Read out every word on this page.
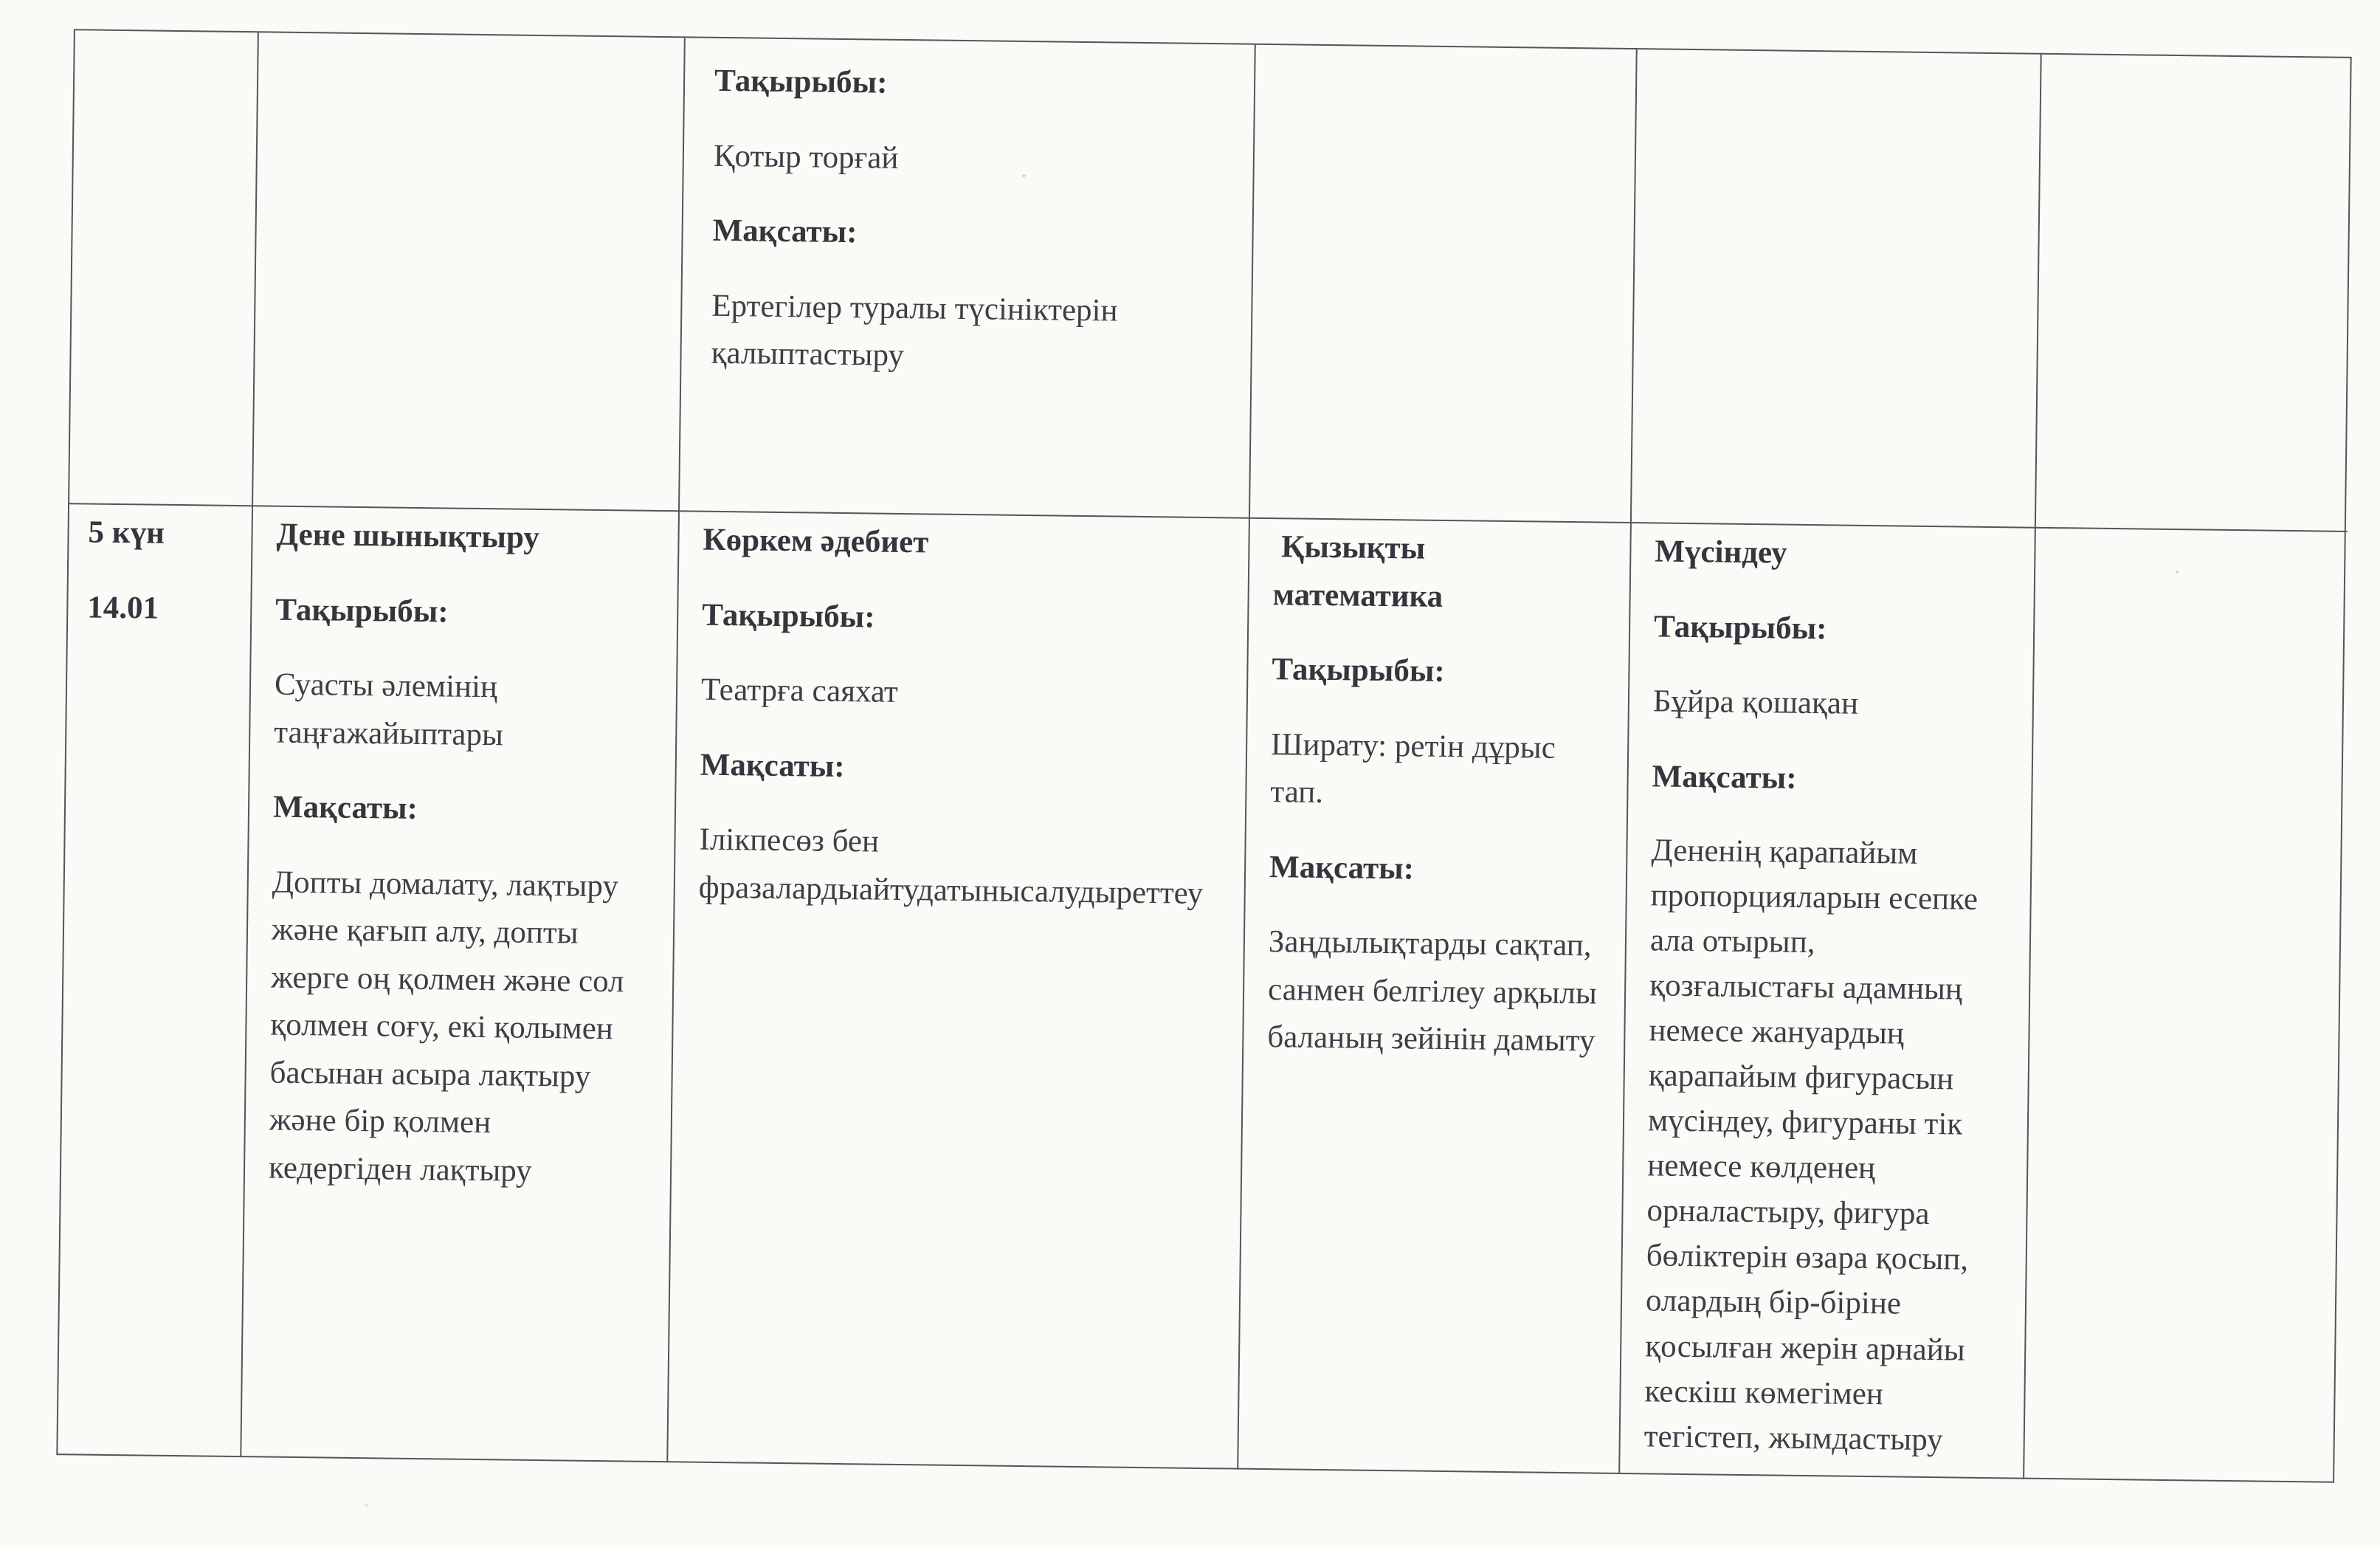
Тақырыбы:

Қотыр торғай

Мақсаты:

Ертегілер туралы түсініктерін
қалыптастыру

5 күн

14.01

Дене шынықтыру

Тақырыбы:

Суасты әлемінің
таңғажайыптары

Мақсаты:

Допты домалату, лақтыру
және қағып алу, допты
жерге оң қолмен және сол
қолмен соғу, екі қолымен
басынан асыра лақтыру
және бір қолмен
кедергіден лақтыру

Көркем әдебиет

Тақырыбы:

Театрға саяхат

Мақсаты:

Ілікпесөз бен
фразалардыайтудатынысалудыреттеу

Қызықты
математика

Тақырыбы:

Ширату: ретін дұрыс
тап.

Мақсаты:

Заңдылықтарды сақтап,
санмен белгілеу арқылы
баланың зейінін дамыту

Мүсіндеу

Тақырыбы:

Бұйра қошақан

Мақсаты:

Дененің қарапайым
пропорцияларын есепке
ала отырып,
қозғалыстағы адамның
немесе жануардың
қарапайым фигурасын
мүсіндеу, фигураны тік
немесе көлденең
орналастыру, фигура
бөліктерін өзара қосып,
олардың бір-біріне
қосылған жерін арнайы
кескіш көмегімен
тегістеп, жымдастыру
